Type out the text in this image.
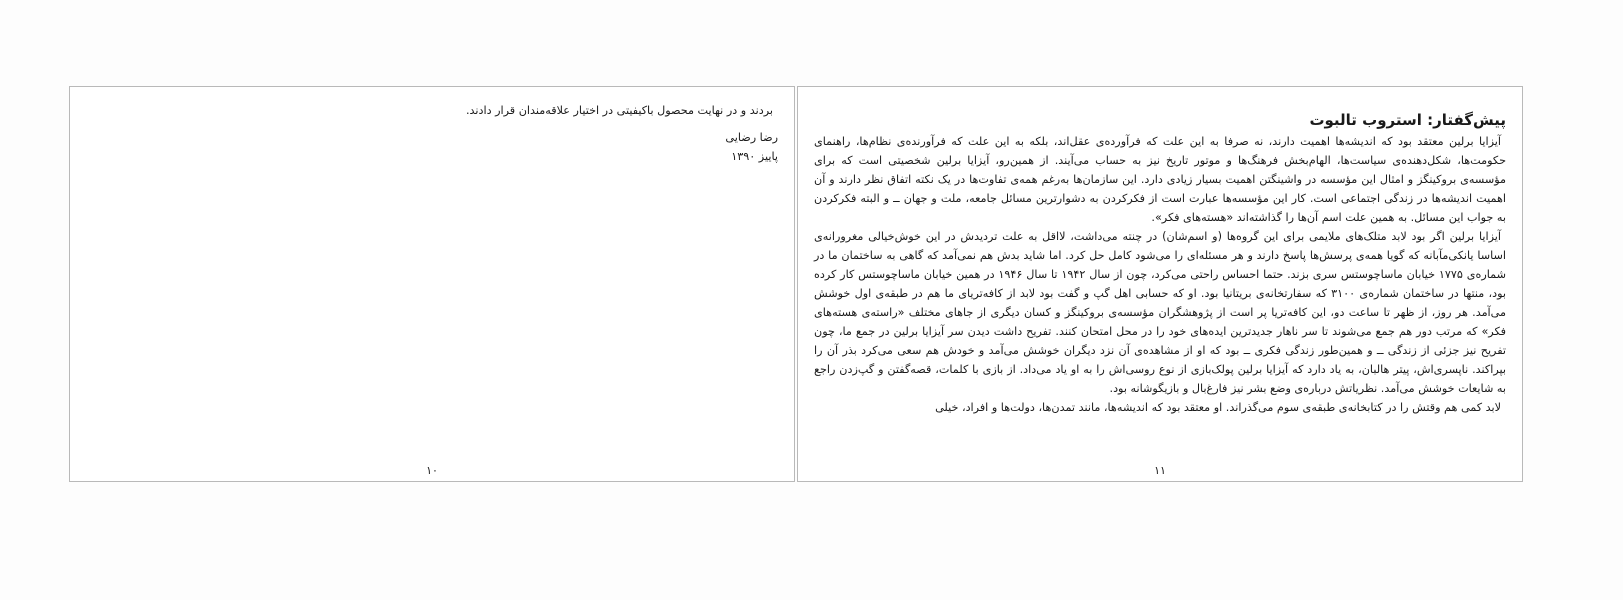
بردند و در نهایت محصول باکیفیتی در اختیار علاقه‌مندان قرار دادند.

رضا رضایی
پاییز ۱۳۹۰
۱۰
پیش‌گفتار: استروب تالبوت

آیزایا برلین معتقد بود که اندیشه‌ها اهمیت دارند، نه صرفا به این علت که فرآورده‌ی عقل‌اند، بلکه به این علت که فرآورنده‌ی نظام‌ها، راهنمای حکومت‌ها، شکل‌دهنده‌ی سیاست‌ها، الهام‌بخش فرهنگ‌ها و موتور تاریخ نیز به حساب می‌آیند. از همین‌رو، آیزایا برلین شخصیتی است که برای مؤسسه‌ی بروکینگز و امثال این مؤسسه در واشینگتن اهمیت بسیار زیادی دارد. این سازمان‌ها به‌رغم همه‌ی تفاوت‌ها در یک نکته اتفاق نظر دارند و آن اهمیت اندیشه‌ها در زندگی اجتماعی است. کار این مؤسسه‌ها عبارت است از فکرکردن به دشوارترین مسائل جامعه، ملت و جهان ــ و البته فکرکردن به جواب این مسائل. به همین علت اسم آن‌ها را گذاشته‌اند «هسته‌های فکر».

آیزایا برلین اگر بود لابد متلک‌های ملایمی برای این گروه‌ها (و اسم‌شان) در چنته می‌داشت، لااقل به علت تردیدش در این خوش‌خیالی مغرورانه‌ی اساسا یانکی‌مآبانه که گویا همه‌ی پرسش‌ها پاسخ دارند و هر مسئله‌ای را می‌شود کامل حل کرد. اما شاید بدش هم نمی‌آمد که گاهی به ساختمان ما در شماره‌ی ۱۷۷۵ خیابان ماساچوستس سری بزند. حتما احساس راحتی می‌کرد، چون از سال ۱۹۴۲ تا سال ۱۹۴۶ در همین خیابان ماساچوستس کار کرده بود، منتها در ساختمان شماره‌ی ۳۱۰۰ که سفارتخانه‌ی بریتانیا بود. او که حسابی اهل گپ و گفت بود لابد از کافه‌تریای ما هم در طبقه‌ی اول خوشش می‌آمد. هر روز، از ظهر تا ساعت دو، این کافه‌تریا پر است از پژوهشگران مؤسسه‌ی بروکینگز و کسان دیگری از جاهای مختلف «راسته‌ی هسته‌های فکر» که مرتب دور هم جمع می‌شوند تا سر ناهار جدیدترین ایده‌های خود را در محل امتحان کنند. تفریح داشت دیدن سر آیزایا برلین در جمع ما، چون تفریح نیز جزئی از زندگی ــ و همین‌طور زندگی فکری ــ بود که او از مشاهده‌ی آن نزد دیگران خوشش می‌آمد و خودش هم سعی می‌کرد بذر آن را بپراکند. ناپسری‌اش، پیتر هالبان، به یاد دارد که آیزایا برلین پولک‌بازی از نوع روسی‌اش را به او یاد می‌داد. از بازی با کلمات، قصه‌گفتن و گپ‌زدن راجع به شایعات خوشش می‌آمد. نظریاتش درباره‌ی وضع بشر نیز فارغ‌بال و بازیگوشانه بود.

لابد کمی هم وقتش را در کتابخانه‌ی طبقه‌ی سوم می‌گذراند. او معتقد بود که اندیشه‌ها، مانند تمدن‌ها، دولت‌ها و افراد، خیلی

۱۱
